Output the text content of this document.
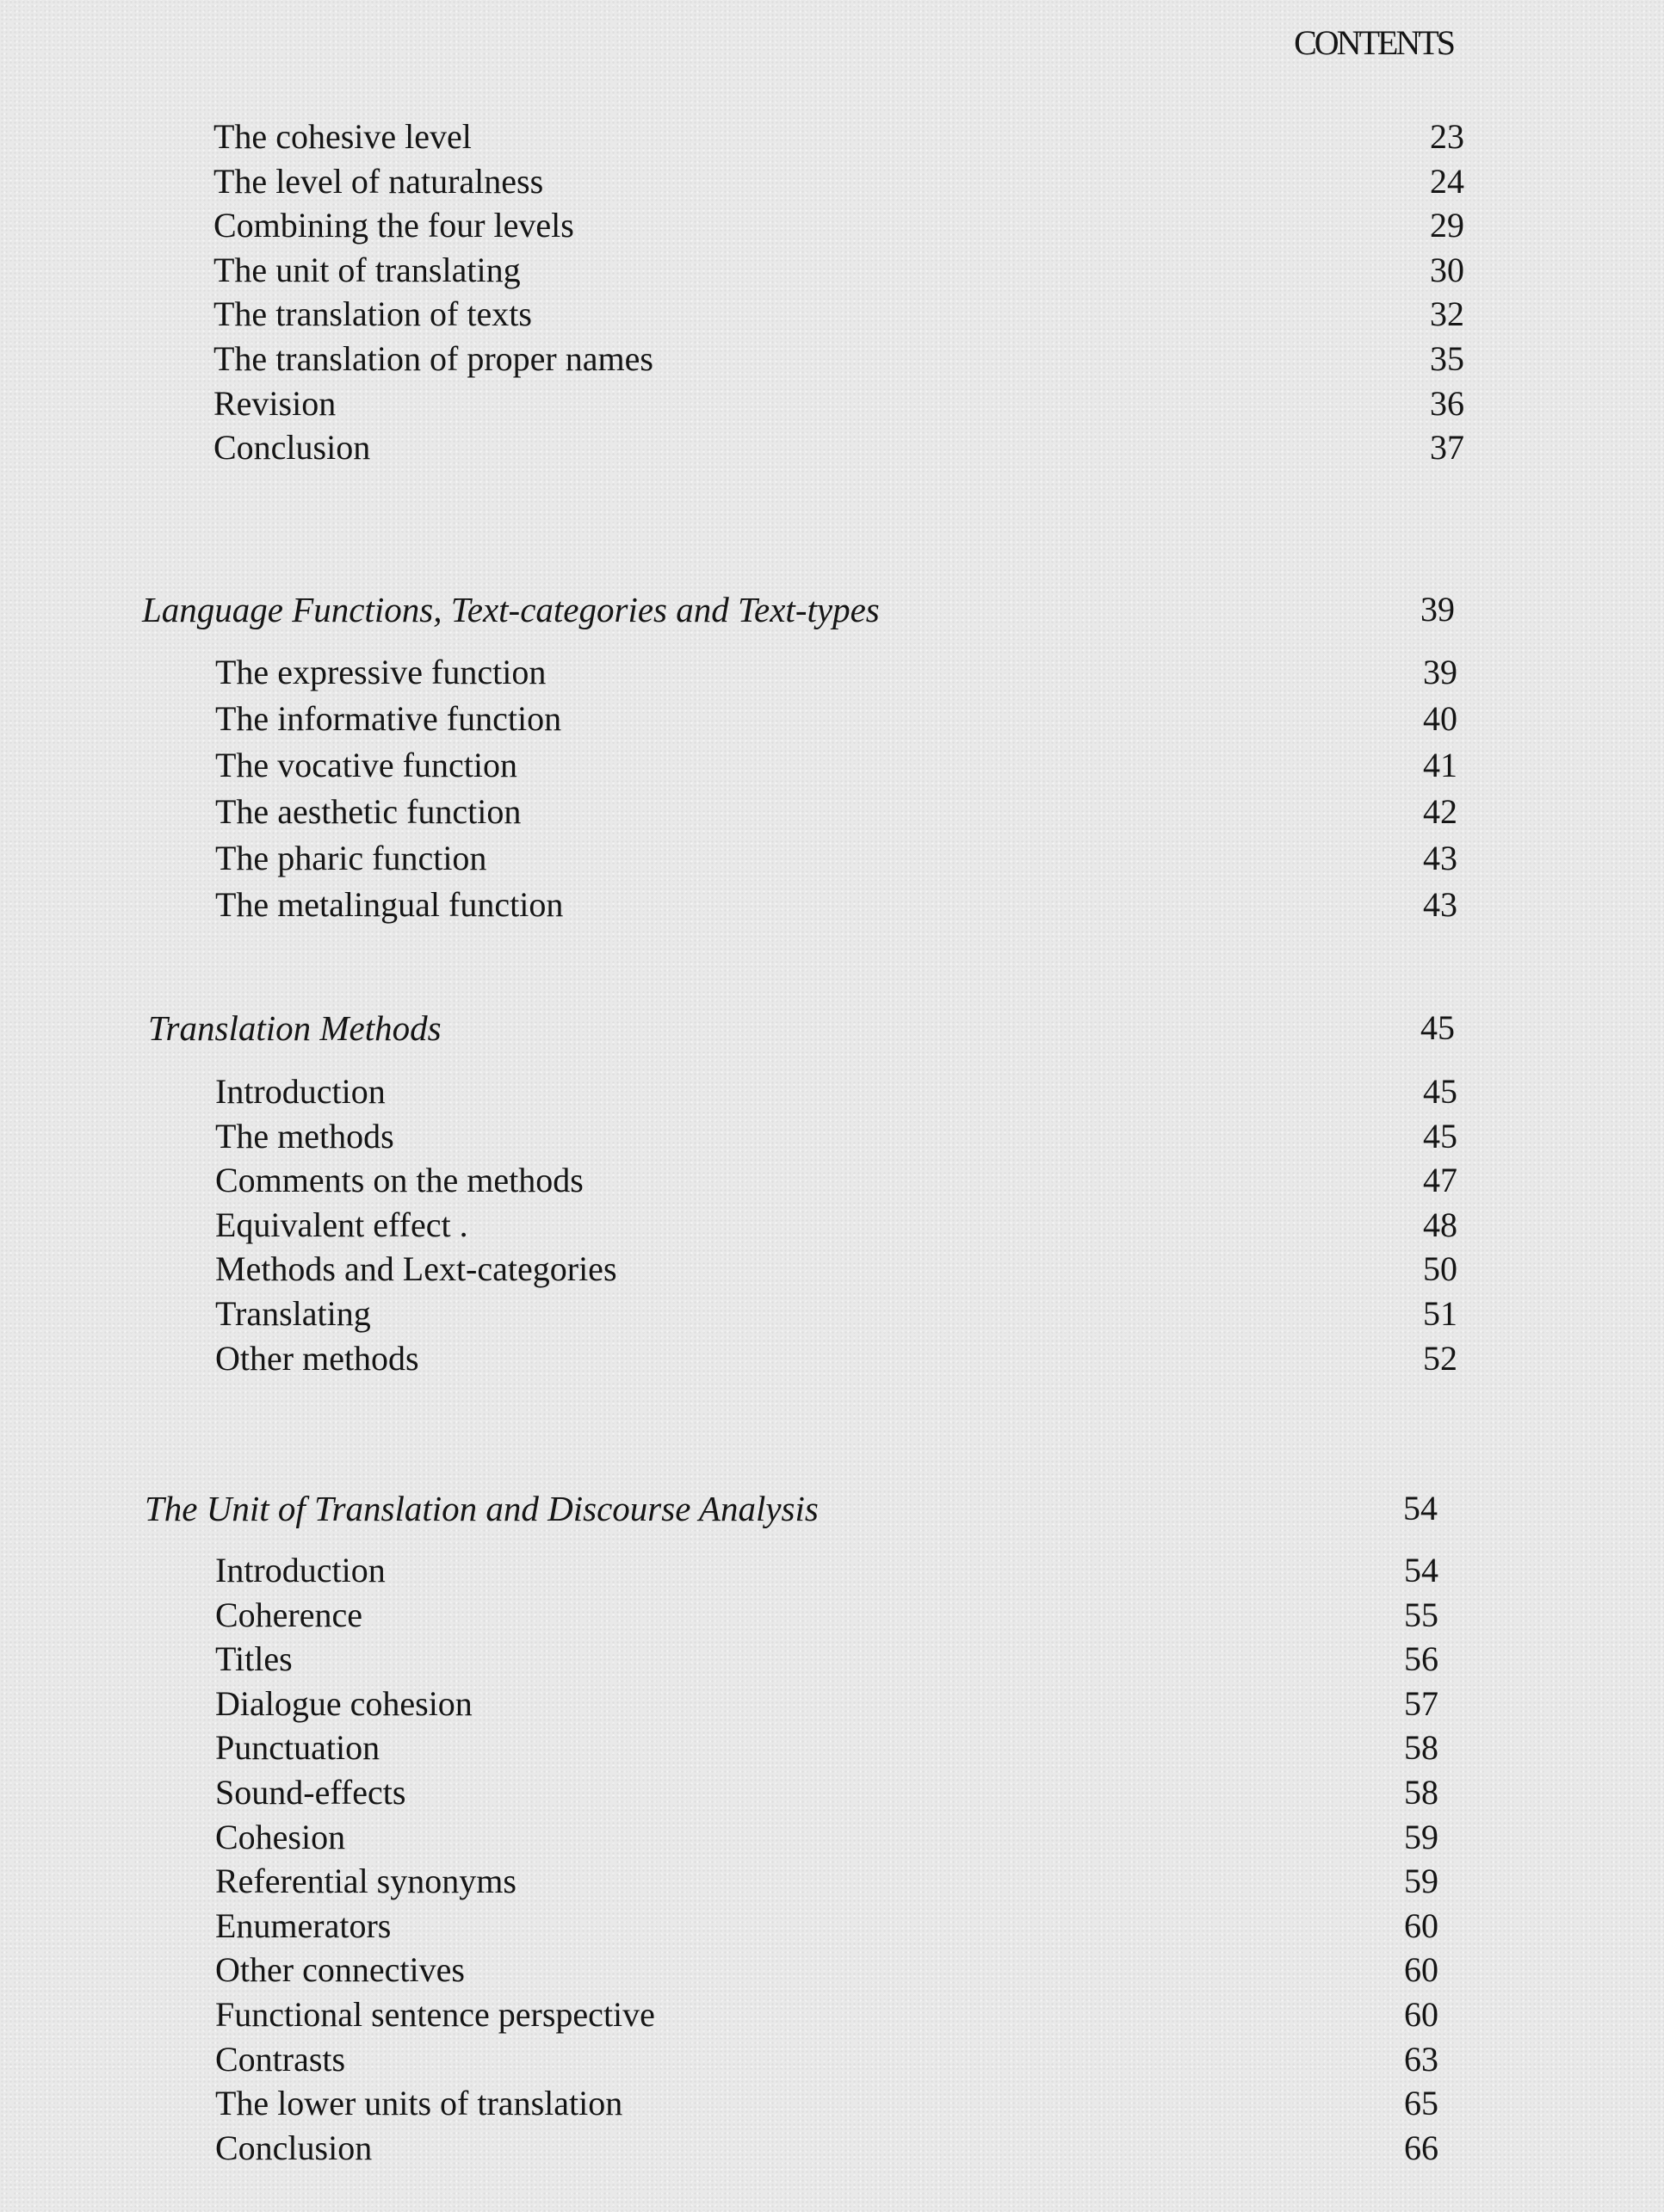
CONTENTS
The cohesive level	23
The level of naturalness	24
Combining the four levels	29
The unit of translating	30
The translation of texts	32
The translation of proper names	35
Revision	36
Conclusion	37
Language Functions, Text-categories and Text-types	39
The expressive function	39
The informative function	40
The vocative function	41
The aesthetic function	42
The pharic function	43
The metalingual function	43
Translation Methods	45
Introduction	45
The methods	45
Comments on the methods	47
Equivalent effect .	48
Methods and Lext-categories	50
Translating	51
Other methods	52
The Unit of Translation and Discourse Analysis	54
Introduction	54
Coherence	55
Titles	56
Dialogue cohesion	57
Punctuation	58
Sound-effects	58
Cohesion	59
Referential synonyms	59
Enumerators	60
Other connectives	60
Functional sentence perspective	60
Contrasts	63
The lower units of translation	65
Conclusion	66
